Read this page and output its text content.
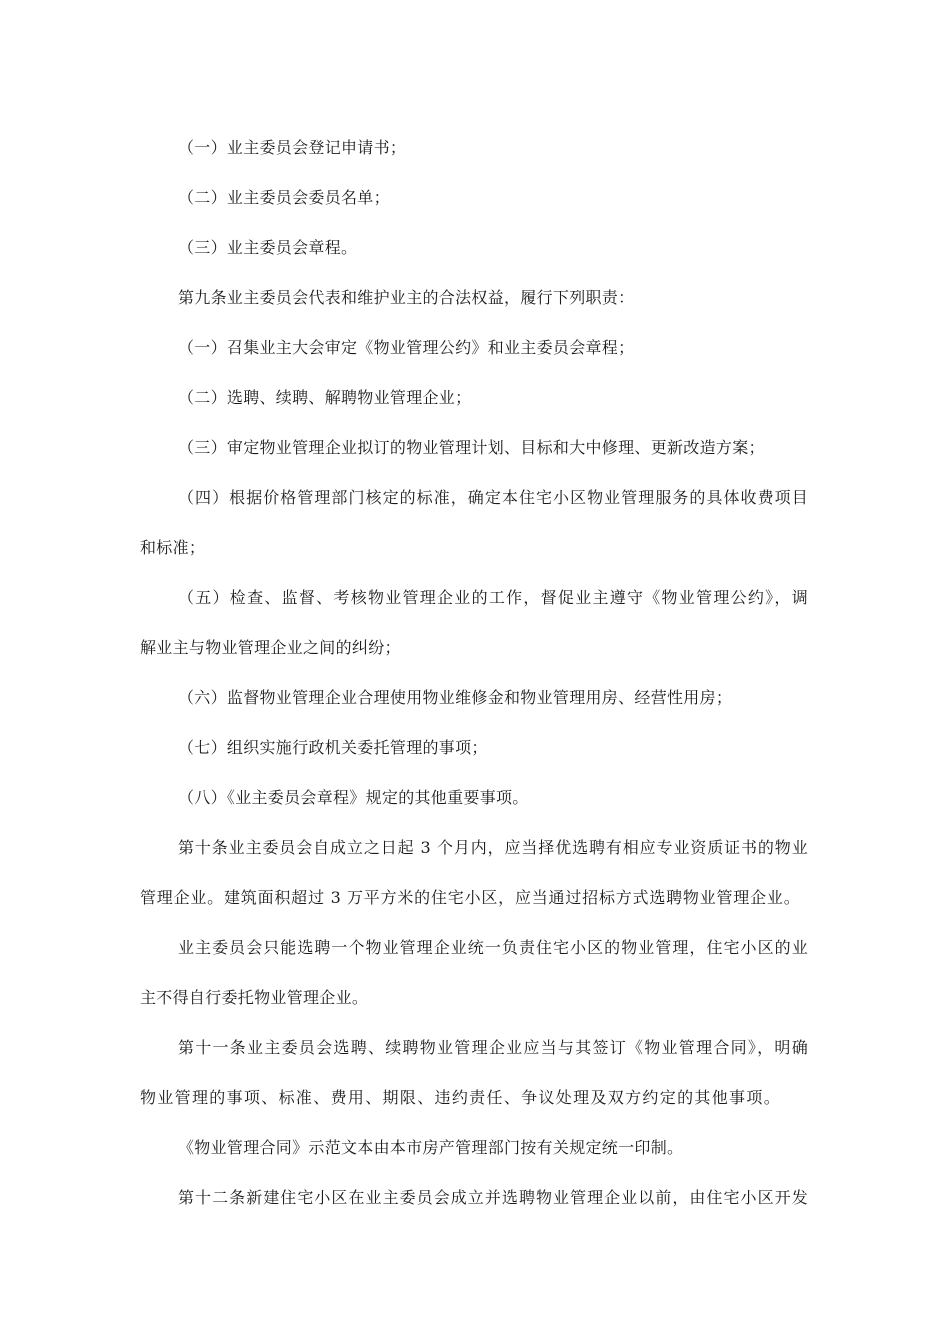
（一）业主委员会登记申请书；
（二）业主委员会委员名单；
（三）业主委员会章程。
第九条业主委员会代表和维护业主的合法权益，履行下列职责：
（一）召集业主大会审定《物业管理公约》和业主委员会章程；
（二）选聘、续聘、解聘物业管理企业；
（三）审定物业管理企业拟订的物业管理计划、目标和大中修理、更新改造方案；
（四）根据价格管理部门核定的标准，确定本住宅小区物业管理服务的具体收费项目
和标准；
（五）检查、监督、考核物业管理企业的工作，督促业主遵守《物业管理公约》，调
解业主与物业管理企业之间的纠纷；
（六）监督物业管理企业合理使用物业维修金和物业管理用房、经营性用房；
（七）组织实施行政机关委托管理的事项；
（八）《业主委员会章程》规定的其他重要事项。
第十条业主委员会自成立之日起 3 个月内，应当择优选聘有相应专业资质证书的物业
管理企业。建筑面积超过 3 万平方米的住宅小区，应当通过招标方式选聘物业管理企业。
业主委员会只能选聘一个物业管理企业统一负责住宅小区的物业管理，住宅小区的业
主不得自行委托物业管理企业。
第十一条业主委员会选聘、续聘物业管理企业应当与其签订《物业管理合同》，明确
物业管理的事项、标准、费用、期限、违约责任、争议处理及双方约定的其他事项。
《物业管理合同》示范文本由本市房产管理部门按有关规定统一印制。
第十二条新建住宅小区在业主委员会成立并选聘物业管理企业以前，由住宅小区开发
